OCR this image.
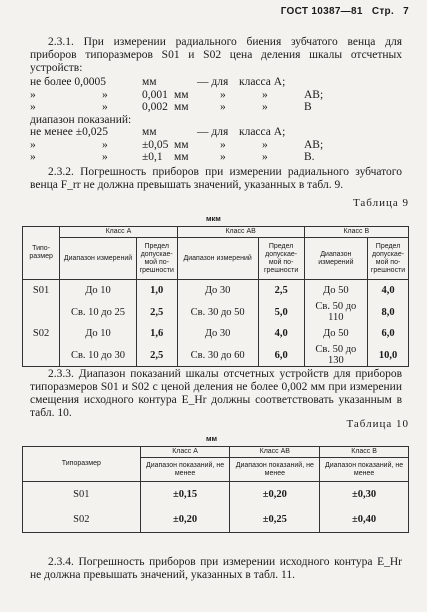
ГОСТ 10387—81 Стр. 7
2.3.1. При измерении радиального биения зубчатого венца для приборов типоразмеров S01 и S02 цена деления шкалы отсчетных устройств:
не более 0,0005	мм	— для класса А;
»	»	0,001 мм	»	»	АВ;
»	»	0,002 мм	»	»	В
диапазон показаний:
не менее ±0,025	мм	— для класса А;
»	»	±0,05 мм	»	»	АВ;
»	»	±0,1 мм	»	»	В.
2.3.2. Погрешность приборов при измерении радиального зубчатого венца F_rr не должна превышать значений, указанных в табл. 9.
Таблица 9
мкм
Типо-размер	Класс А		Класс АВ		Класс В	
	Диапазон измерений	Предел допускае-мой по-грешности	Диапазон измерений	Предел допускае-мой по-грешности	Диапазон измерений	Предел допускае-мой по-грешности
S01	До 10	1,0	До 30	2,5	До 50	4,0
	Св. 10 до 25	2,5	Св. 30 до 50	5,0	Св. 50 до 110	8,0
S02	До 10	1,6	До 30	4,0	До 50	6,0
	Св. 10 до 30	2,5	Св. 30 до 60	6,0	Св. 50 до 130	10,0
2.3.3. Диапазон показаний шкалы отсчетных устройств для приборов типоразмеров S01 и S02 с ценой деления не более 0,002 мм при измерении смещения исходного контура E_Hr должны соответствовать указанным в табл. 10.
Таблица 10
мм
Типоразмер	Класс А	Класс АВ	Класс В
	Диапазон показаний, не менее	Диапазон показаний, не менее	Диапазон показаний, не менее
S01	±0,15	±0,20	±0,30
S02	±0,20	±0,25	±0,40
2.3.4. Погрешность приборов при измерении исходного контура E_Hr не должна превышать значений, указанных в табл. 11.
